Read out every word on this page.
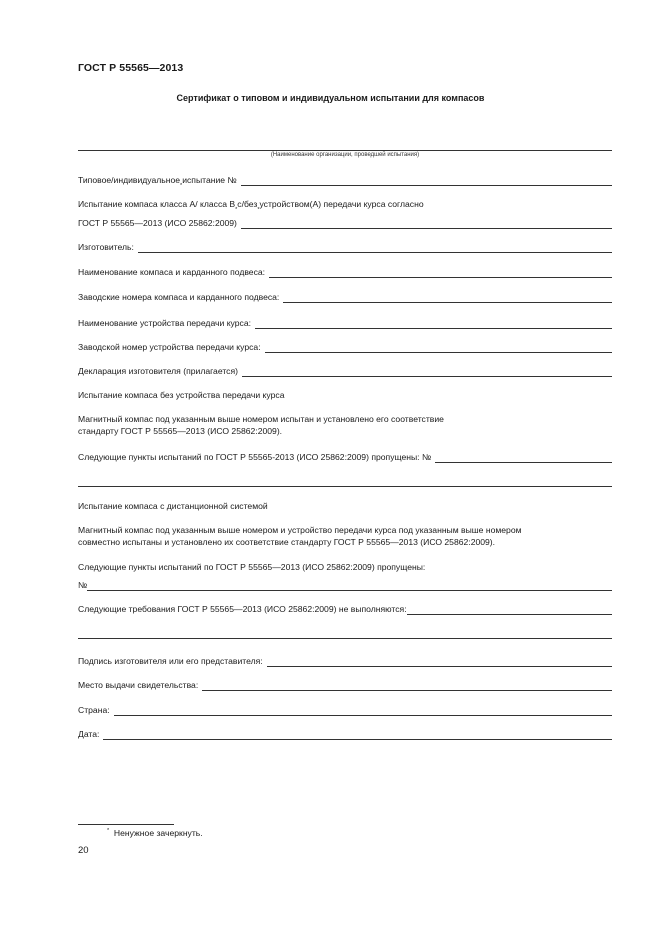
ГОСТ Р 55565—2013
Сертификат о типовом и индивидуальном испытании для компасов
(Наименование организации, проведшей испытания)
Типовое/индивидуальное
*
испытание №
Испытание компаса класса А/ класса В
*
с/без
*
устройством(А) передачи курса согласно
ГОСТ Р 55565—2013 (ИСО 25862:2009)
Изготовитель:
Наименование компаса и карданного подвеса:
Заводские номера компаса и карданного подвеса:
Наименование устройства передачи курса:
Заводской номер устройства передачи курса:
Декларация изготовителя (прилагается)
Испытание компаса без устройства передачи курса
Магнитный компас под указанным выше номером испытан и установлено его соответствие
стандарту ГОСТ Р 55565—2013 (ИСО 25862:2009).
Следующие пункты испытаний по ГОСТ Р 55565-2013 (ИСО 25862:2009) пропущены: №
Испытание компаса с дистанционной системой
Магнитный компас под указанным выше номером и устройство передачи курса под указанным выше номером
совместно испытаны и установлено их соответствие стандарту ГОСТ Р 55565—2013 (ИСО 25862:2009).
Следующие пункты испытаний по ГОСТ Р 55565—2013 (ИСО 25862:2009) пропущены:
№
Следующие требования ГОСТ Р 55565—2013 (ИСО 25862:2009) не выполняются:
Подпись изготовителя или его представителя:
Место выдачи свидетельства:
Страна:
Дата:
* Ненужное зачеркнуть.
20
